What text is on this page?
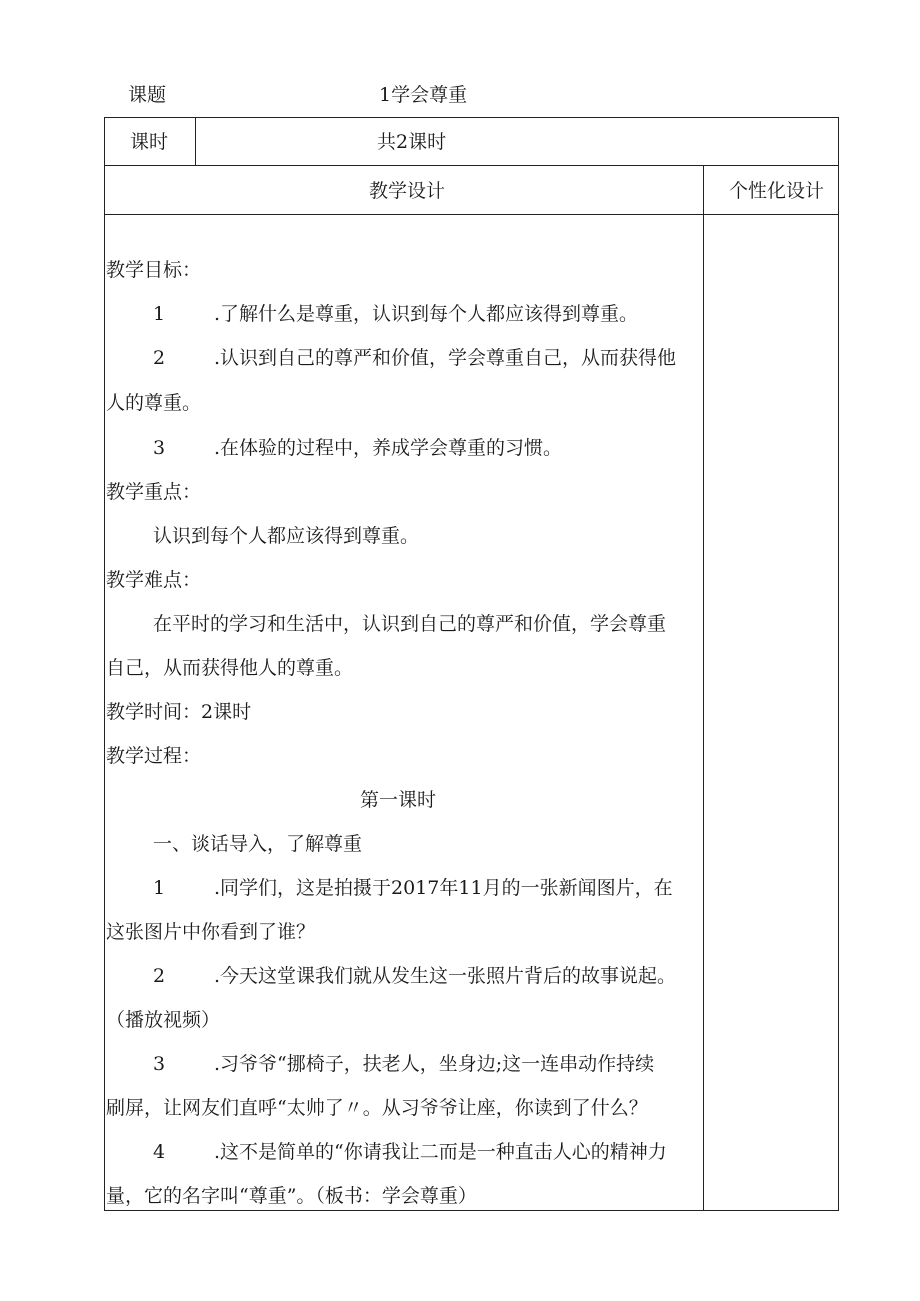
课题	1学会尊重
课时	共2课时
教学设计	个性化设计
教学目标：
1	.了解什么是尊重，认识到每个人都应该得到尊重。
2	.认识到自己的尊严和价值，学会尊重自己，从而获得他
人的尊重。
3	.在体验的过程中，养成学会尊重的习惯。
教学重点：
认识到每个人都应该得到尊重。
教学难点：
在平时的学习和生活中，认识到自己的尊严和价值，学会尊重
自己，从而获得他人的尊重。
教学时间：2课时
教学过程：
第一课时
一、谈话导入，了解尊重
1	.同学们，这是拍摄于2017年11月的一张新闻图片，在
这张图片中你看到了谁？
2	.今天这堂课我们就从发生这一张照片背后的故事说起。
（播放视频）
3	.习爷爷“挪椅子，扶老人，坐身边;这一连串动作持续
刷屏，让网友们直呼“太帅了〃。从习爷爷让座，你读到了什么？
4	.这不是简单的“你请我让二而是一种直击人心的精神力
量，它的名字叫“尊重”。（板书：学会尊重）
